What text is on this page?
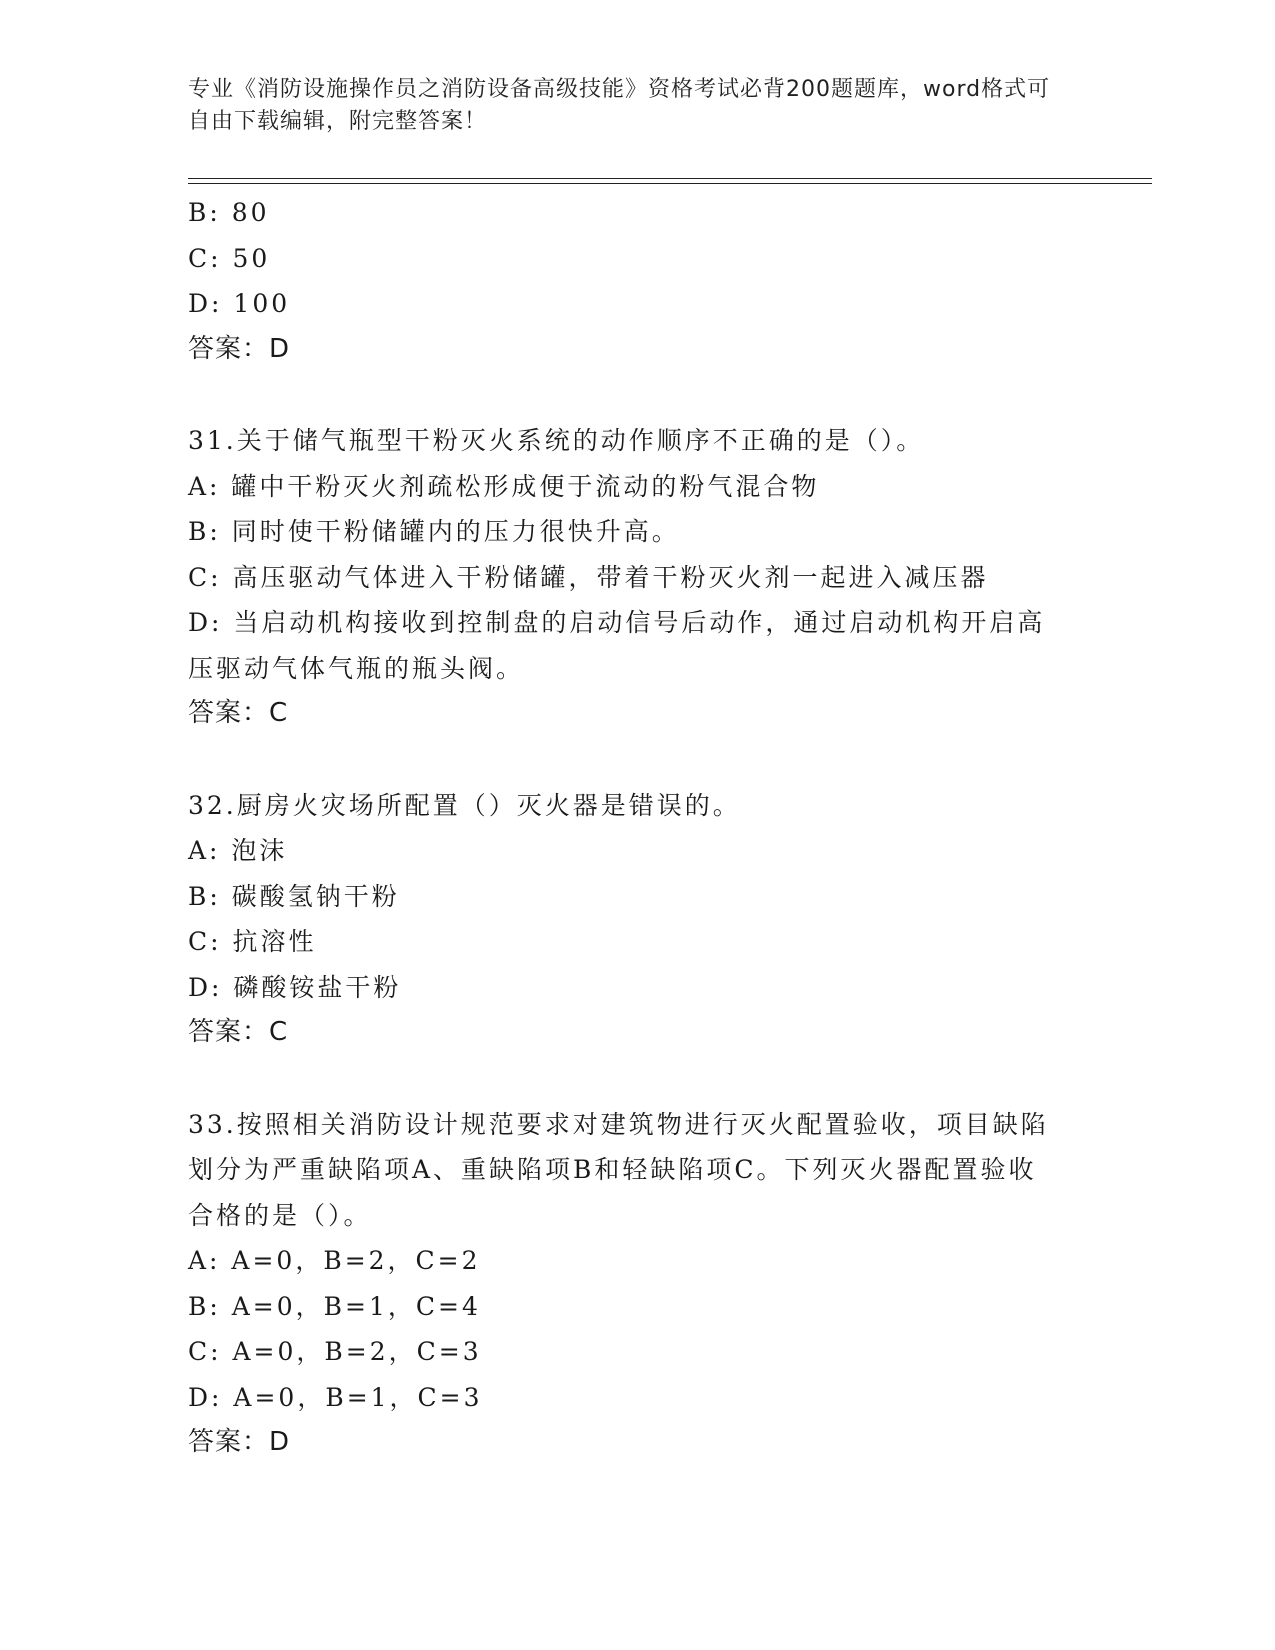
专业《消防设施操作员之消防设备高级技能》资格考试必背200题题库，word格式可自由下载编辑，附完整答案！
B: 80
C: 50
D: 100
答案：D
31.关于储气瓶型干粉灭火系统的动作顺序不正确的是（）。
A: 罐中干粉灭火剂疏松形成便于流动的粉气混合物
B: 同时使干粉储罐内的压力很快升高。
C: 高压驱动气体进入干粉储罐，带着干粉灭火剂一起进入减压器
D: 当启动机构接收到控制盘的启动信号后动作，通过启动机构开启高压驱动气体气瓶的瓶头阀。
答案：C
32.厨房火灾场所配置（）灭火器是错误的。
A: 泡沫
B: 碳酸氢钠干粉
C: 抗溶性
D: 磷酸铵盐干粉
答案：C
33.按照相关消防设计规范要求对建筑物进行灭火配置验收，项目缺陷划分为严重缺陷项A、重缺陷项B和轻缺陷项C。下列灭火器配置验收合格的是（）。
A: A=0，B=2，C=2
B: A=0，B=1，C=4
C: A=0，B=2，C=3
D: A=0，B=1，C=3
答案：D
